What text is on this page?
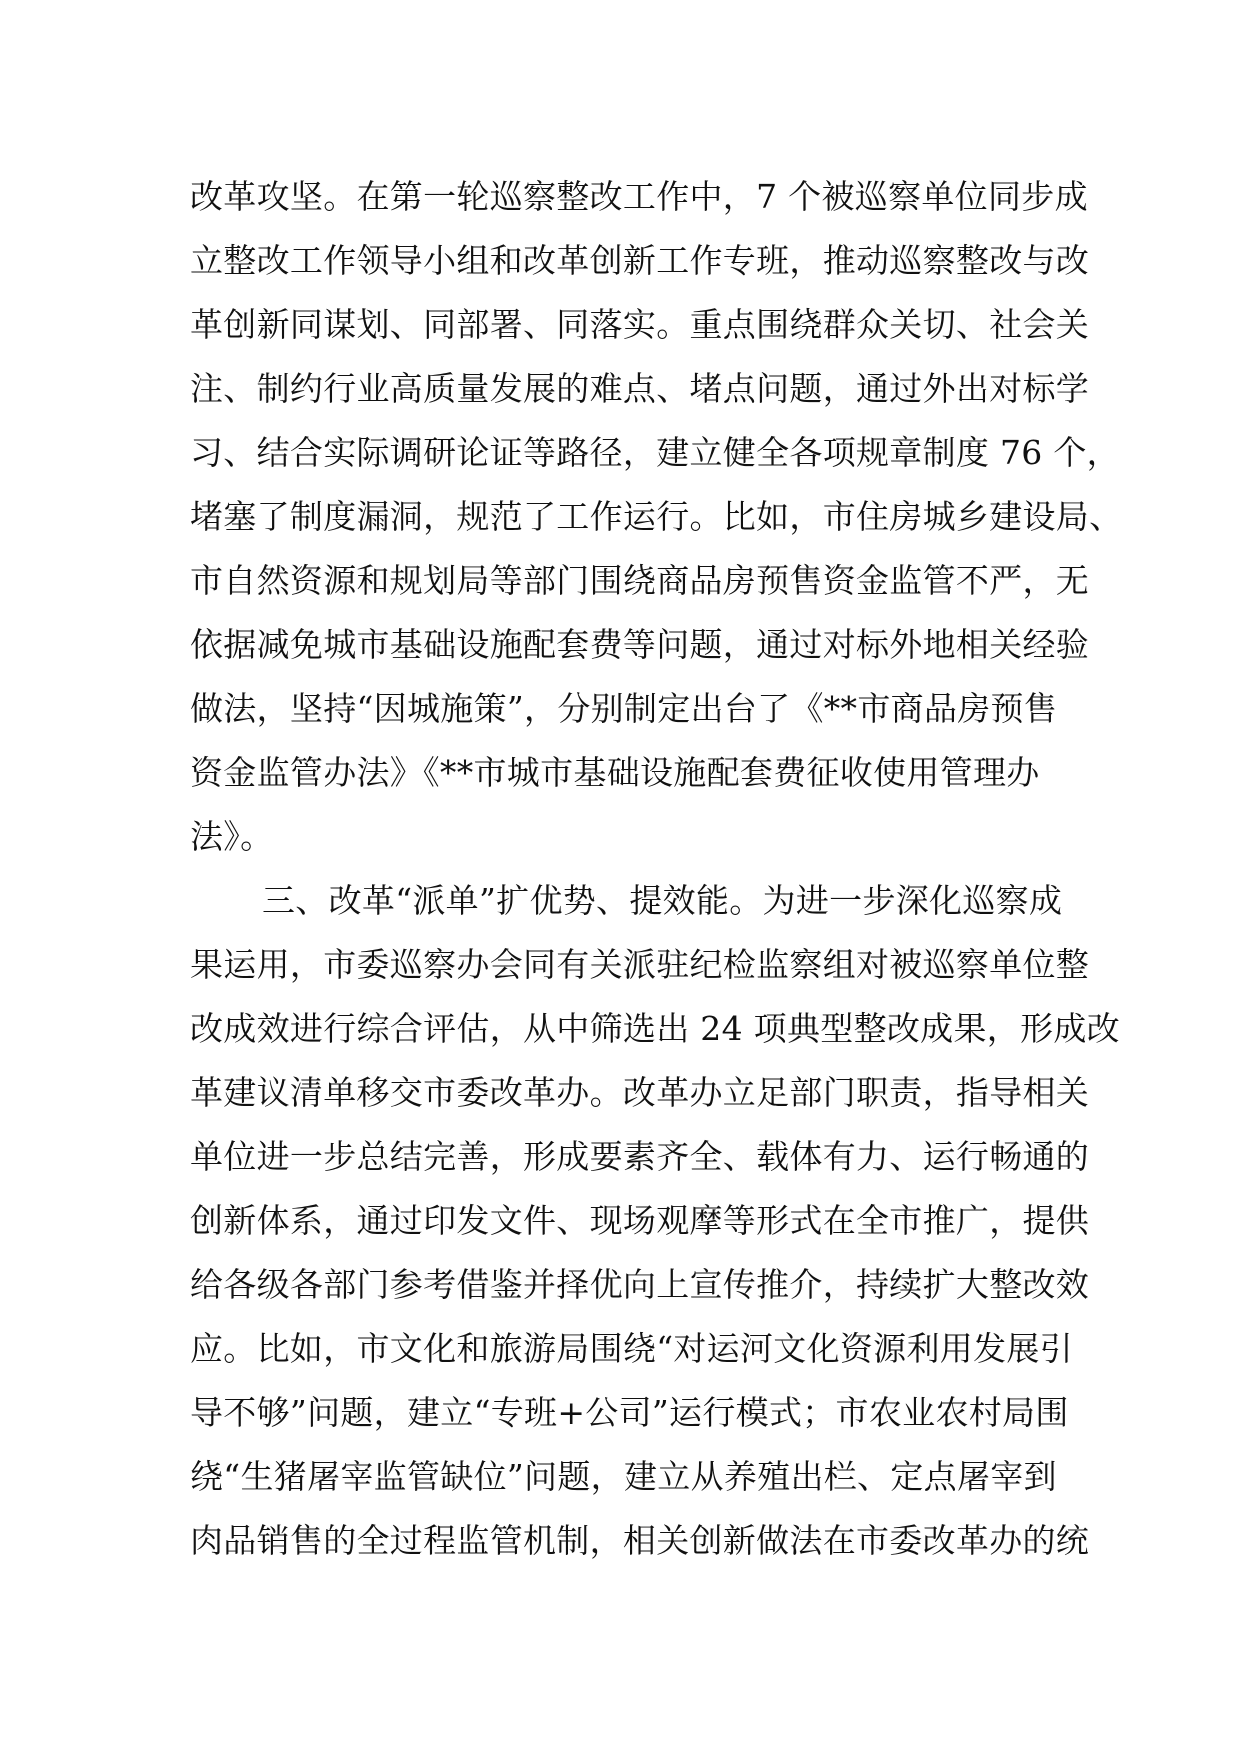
改革攻坚。在第一轮巡察整改工作中，7 个被巡察单位同步成
立整改工作领导小组和改革创新工作专班，推动巡察整改与改
革创新同谋划、同部署、同落实。重点围绕群众关切、社会关
注、制约行业高质量发展的难点、堵点问题，通过外出对标学
习、结合实际调研论证等路径，建立健全各项规章制度 76 个，
堵塞了制度漏洞，规范了工作运行。比如，市住房城乡建设局、
市自然资源和规划局等部门围绕商品房预售资金监管不严，无
依据减免城市基础设施配套费等问题，通过对标外地相关经验
做法，坚持“因城施策”，分别制定出台了《**市商品房预售
资金监管办法》《**市城市基础设施配套费征收使用管理办
法》。
三、改革“派单”扩优势、提效能。为进一步深化巡察成
果运用，市委巡察办会同有关派驻纪检监察组对被巡察单位整
改成效进行综合评估，从中筛选出 24 项典型整改成果，形成改
革建议清单移交市委改革办。改革办立足部门职责，指导相关
单位进一步总结完善，形成要素齐全、载体有力、运行畅通的
创新体系，通过印发文件、现场观摩等形式在全市推广，提供
给各级各部门参考借鉴并择优向上宣传推介，持续扩大整改效
应。比如，市文化和旅游局围绕“对运河文化资源利用发展引
导不够”问题，建立“专班+公司”运行模式；市农业农村局围
绕“生猪屠宰监管缺位”问题，建立从养殖出栏、定点屠宰到
肉品销售的全过程监管机制，相关创新做法在市委改革办的统
